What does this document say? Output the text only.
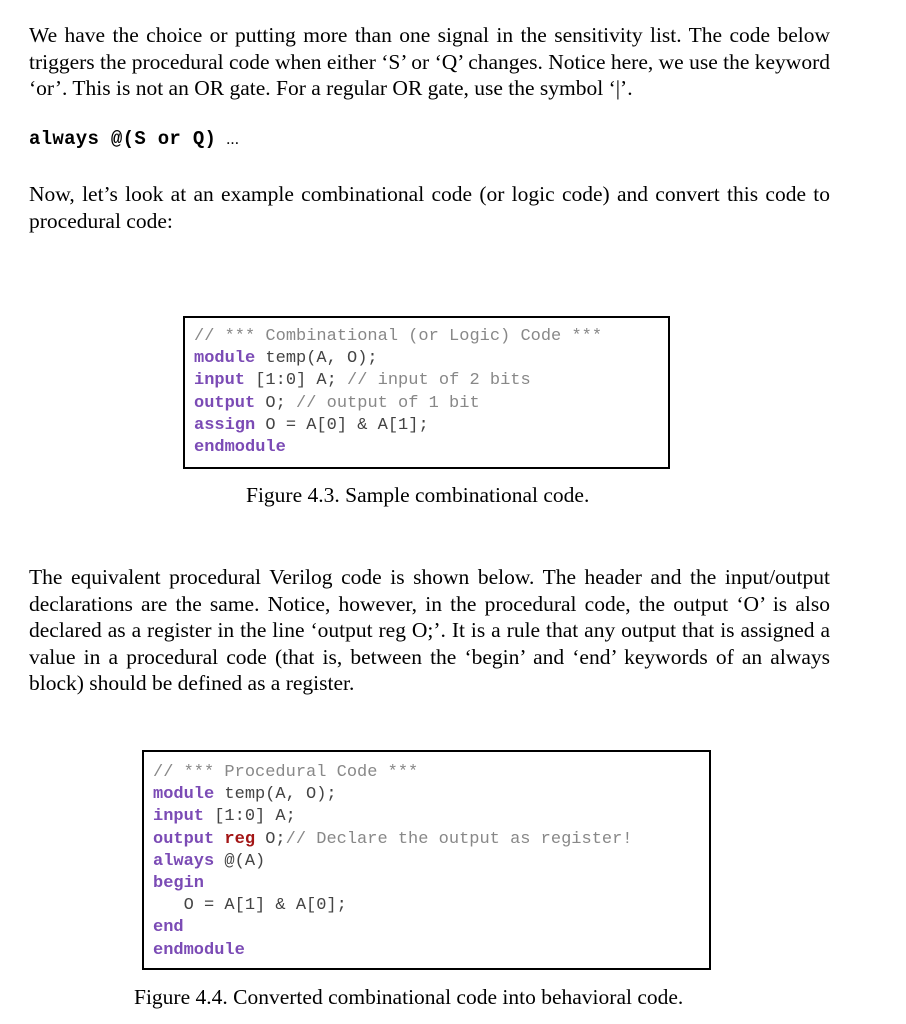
We have the choice or putting more than one signal in the sensitivity list. The code below triggers the procedural code when either ‘S’ or ‘Q’ changes. Notice here, we use the keyword ‘or’. This is not an OR gate. For a regular OR gate, use the symbol ‘|’.

always @(S or Q) ...

Now, let’s look at an example combinational code (or logic code) and convert this code to procedural code:

// *** Combinational (or Logic) Code ***
module temp(A, O);
input [1:0] A; // input of 2 bits
output O; // output of 1 bit
assign O = A[0] & A[1];
endmodule
Figure 4.3. Sample combinational code.

The equivalent procedural Verilog code is shown below. The header and the input/output declarations are the same. Notice, however, in the procedural code, the output ‘O’ is also declared as a register in the line ‘output reg O;’. It is a rule that any output that is assigned a value in a procedural code (that is, between the ‘begin’ and ‘end’ keywords of an always block) should be defined as a register.

// *** Procedural Code ***
module temp(A, O);
input [1:0] A;
output reg O;// Declare the output as register!
always @(A)
begin
O = A[1] & A[0];
end
endmodule
Figure 4.4. Converted combinational code into behavioral code.
